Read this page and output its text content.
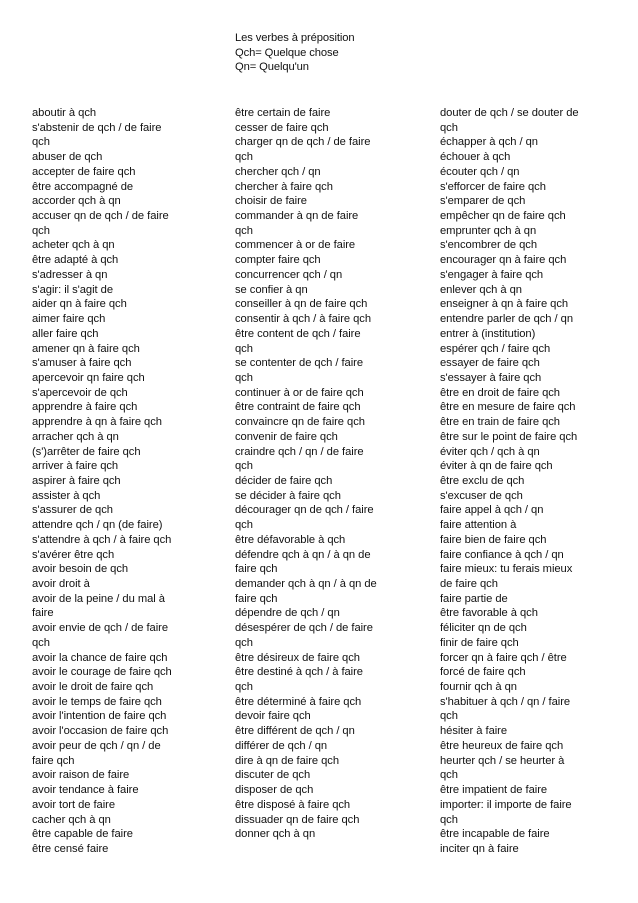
Les verbes à préposition
Qch= Quelque chose
Qn= Quelqu'un
aboutir à qch
s'abstenir de qch / de faire
qch
abuser de qch
accepter de faire qch
être accompagné de
accorder qch à qn
accuser qn de qch / de faire
qch
acheter qch à qn
être adapté à qch
s'adresser à qn
s'agir: il s'agit de
aider qn à faire qch
aimer faire qch
aller faire qch
amener qn à faire qch
s'amuser à faire qch
apercevoir qn faire qch
s'apercevoir de qch
apprendre à faire qch
apprendre à qn à faire qch
arracher qch à qn
(s')arrêter de faire qch
arriver à faire qch
aspirer à faire qch
assister à qch
s'assurer de qch
attendre qch / qn (de faire)
s'attendre à qch / à faire qch
s'avérer être qch
avoir besoin de qch
avoir droit à
avoir de la peine / du mal à
faire
avoir envie de qch / de faire
qch
avoir la chance de faire qch
avoir le courage de faire qch
avoir le droit de faire qch
avoir le temps de faire qch
avoir l'intention de faire qch
avoir l'occasion de faire qch
avoir peur de qch / qn / de
faire qch
avoir raison de faire
avoir tendance à faire
avoir tort de faire
cacher qch à qn
être capable de faire
être censé faire
être certain de faire
cesser de faire qch
charger qn de qch / de faire
qch
chercher qch / qn
chercher à faire qch
choisir de faire
commander à qn de faire
qch
commencer à or de faire
compter faire qch
concurrencer qch / qn
se confier à qn
conseiller à qn de faire qch
consentir à qch / à faire qch
être content de qch / faire
qch
se contenter de qch / faire
qch
continuer à or de faire qch
être contraint de faire qch
convaincre qn de faire qch
convenir de faire qch
craindre qch / qn / de faire
qch
décider de faire qch
se décider à faire qch
décourager qn de qch / faire
qch
être défavorable à qch
défendre qch à qn / à qn de
faire qch
demander qch à qn / à qn de
faire qch
dépendre de qch / qn
désespérer de qch / de faire
qch
être désireux de faire qch
être destiné à qch / à faire
qch
être déterminé à faire qch
devoir faire qch
être différent de qch / qn
différer de qch / qn
dire à qn de faire qch
discuter de qch
disposer de qch
être disposé à faire qch
dissuader qn de faire qch
donner qch à qn
douter de qch / se douter de
qch
échapper à qch / qn
échouer à qch
écouter qch / qn
s'efforcer de faire qch
s'emparer de qch
empêcher qn de faire qch
emprunter qch à qn
s'encombrer de qch
encourager qn à faire qch
s'engager à faire qch
enlever qch à qn
enseigner à qn à faire qch
entendre parler de qch / qn
entrer à (institution)
espérer qch / faire qch
essayer de faire qch
s'essayer à faire qch
être en droit de faire qch
être en mesure de faire qch
être en train de faire qch
être sur le point de faire qch
éviter qch / qch à qn
éviter à qn de faire qch
être exclu de qch
s'excuser de qch
faire appel à qch / qn
faire attention à
faire bien de faire qch
faire confiance à qch / qn
faire mieux: tu ferais mieux
de faire qch
faire partie de
être favorable à qch
féliciter qn de qch
finir de faire qch
forcer qn à faire qch / être
forcé de faire qch
fournir qch à qn
s'habituer à qch / qn / faire
qch
hésiter à faire
être heureux de faire qch
heurter qch / se heurter à
qch
être impatient de faire
importer: il importe de faire
qch
être incapable de faire
inciter qn à faire
